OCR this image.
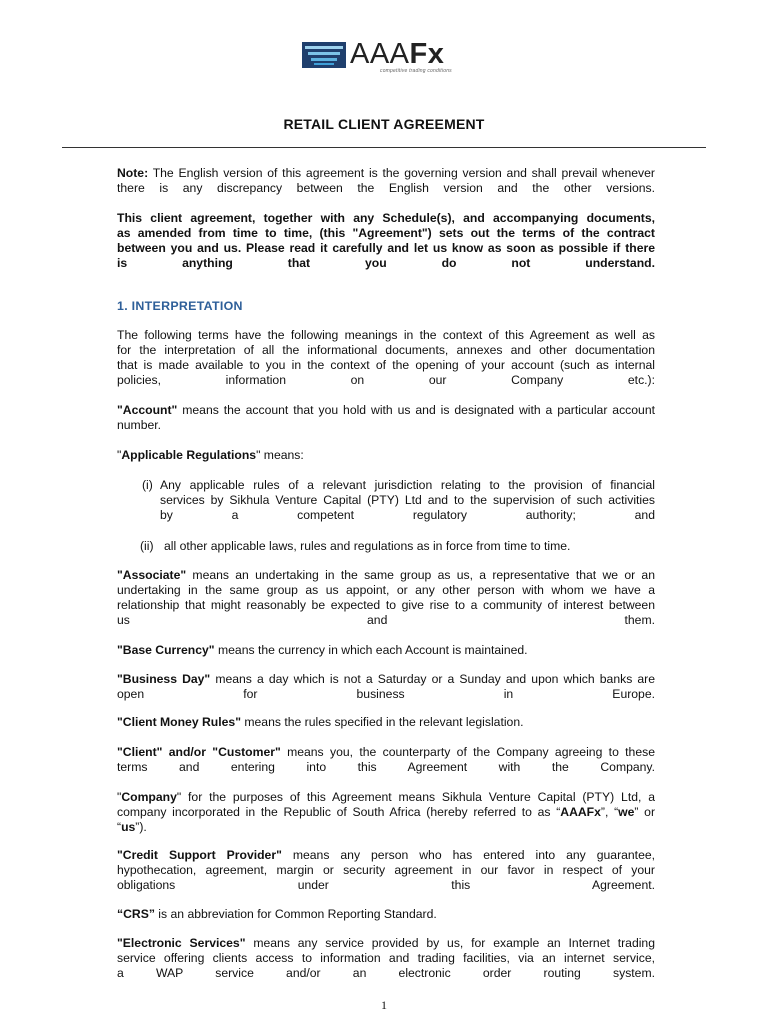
AAAFx
competitive trading conditions
RETAIL CLIENT AGREEMENT
Note: The English version of this agreement is the governing version and shall prevail whenever
there is any discrepancy between the English version and the other versions.
This client agreement, together with any Schedule(s), and accompanying documents,
as amended from time to time, (this "Agreement") sets out the terms of the contract
between you and us. Please read it carefully and let us know as soon as possible if there
is anything that you do not understand.
1. INTERPRETATION
The following terms have the following meanings in the context of this Agreement as well as
for the interpretation of all the informational documents, annexes and other documentation
that is made available to you in the context of the opening of your account (such as internal
policies, information on our Company etc.):
"Account" means the account that you hold with us and is designated with a particular account
number.
"Applicable Regulations" means:
(i) Any applicable rules of a relevant jurisdiction relating to the provision of financial
services by Sikhula Venture Capital (PTY) Ltd and to the supervision of such activities
by a competent regulatory authority; and
(ii) all other applicable laws, rules and regulations as in force from time to time.
"Associate" means an undertaking in the same group as us, a representative that we or an
undertaking in the same group as us appoint, or any other person with whom we have a
relationship that might reasonably be expected to give rise to a community of interest between
us and them.
"Base Currency" means the currency in which each Account is maintained.
"Business Day" means a day which is not a Saturday or a Sunday and upon which banks are
open for business in Europe.
"Client Money Rules" means the rules specified in the relevant legislation.
"Client" and/or "Customer" means you, the counterparty of the Company agreeing to these
terms and entering into this Agreement with the Company.
"Company" for the purposes of this Agreement means Sikhula Venture Capital (PTY) Ltd, a
company incorporated in the Republic of South Africa (hereby referred to as “AAAFx”, “we” or
“us”).
"Credit Support Provider" means any person who has entered into any guarantee,
hypothecation, agreement, margin or security agreement in our favor in respect of your
obligations under this Agreement.
“CRS” is an abbreviation for Common Reporting Standard.
"Electronic Services" means any service provided by us, for example an Internet trading
service offering clients access to information and trading facilities, via an internet service,
a WAP service and/or an electronic order routing system.
1
